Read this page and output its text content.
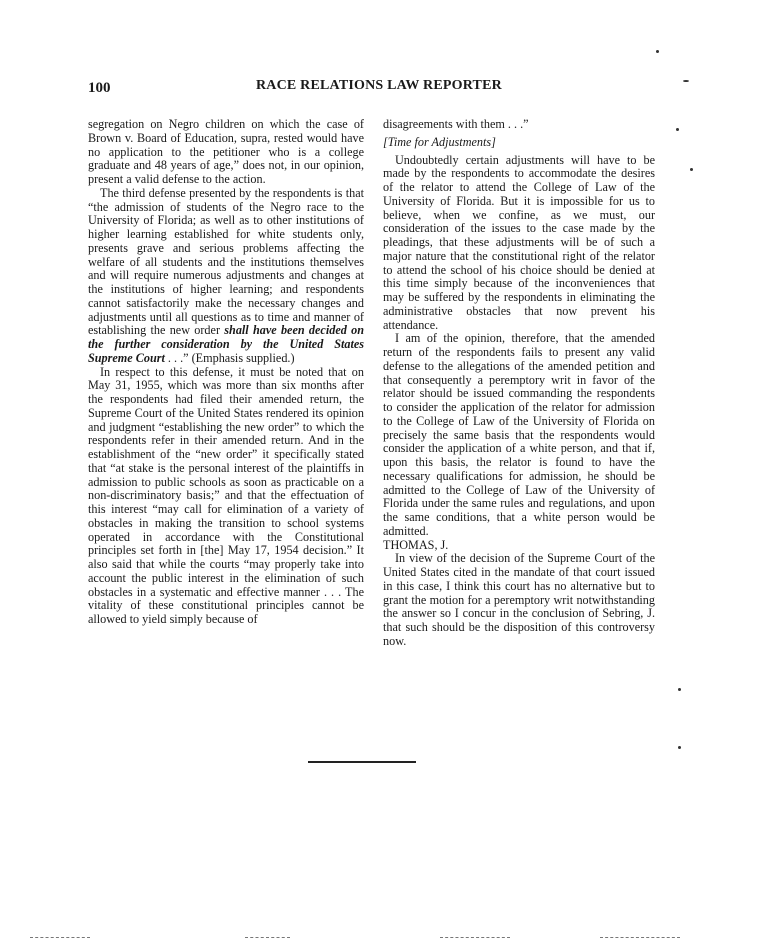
100	RACE RELATIONS LAW REPORTER

segregation on Negro children on which the case of Brown v. Board of Education, supra, rested would have no application to the petitioner who is a college graduate and 48 years of age,” does not, in our opinion, present a valid defense to the action.

The third defense presented by the respondents is that “the admission of students of the Negro race to the University of Florida; as well as to other institutions of higher learning established for white students only, presents grave and serious problems affecting the welfare of all students and the institutions themselves and will require numerous adjustments and changes at the institutions of higher learning; and respondents cannot satisfactorily make the necessary changes and adjustments until all questions as to time and manner of establishing the new order shall have been decided on the further consideration by the United States Supreme Court . . .” (Emphasis supplied.)

In respect to this defense, it must be noted that on May 31, 1955, which was more than six months after the respondents had filed their amended return, the Supreme Court of the United States rendered its opinion and judgment “establishing the new order” to which the respondents refer in their amended return. And in the establishment of the “new order” it specifically stated that “at stake is the personal interest of the plaintiffs in admission to public schools as soon as practicable on a non-discriminatory basis;” and that the effectuation of this interest “may call for elimination of a variety of obstacles in making the transition to school systems operated in accordance with the Constitutional principles set forth in [the] May 17, 1954 decision.” It also said that while the courts “may properly take into account the public interest in the elimination of such obstacles in a systematic and effective manner . . . The vitality of these constitutional principles cannot be allowed to yield simply because of

disagreements with them . . .”

[Time for Adjustments]

Undoubtedly certain adjustments will have to be made by the respondents to accommodate the desires of the relator to attend the College of Law of the University of Florida. But it is impossible for us to believe, when we confine, as we must, our consideration of the issues to the case made by the pleadings, that these adjustments will be of such a major nature that the constitutional right of the relator to attend the school of his choice should be denied at this time simply because of the inconveniences that may be suffered by the respondents in eliminating the administrative obstacles that now prevent his attendance.

I am of the opinion, therefore, that the amended return of the respondents fails to present any valid defense to the allegations of the amended petition and that consequently a peremptory writ in favor of the relator should be issued commanding the respondents to consider the application of the relator for admission to the College of Law of the University of Florida on precisely the same basis that the respondents would consider the application of a white person, and that if, upon this basis, the relator is found to have the necessary qualifications for admission, he should be admitted to the College of Law of the University of Florida under the same rules and regulations, and upon the same conditions, that a white person would be admitted.

THOMAS, J.

In view of the decision of the Supreme Court of the United States cited in the mandate of that court issued in this case, I think this court has no alternative but to grant the motion for a peremptory writ notwithstanding the answer so I concur in the conclusion of Sebring, J. that such should be the disposition of this controversy now.
